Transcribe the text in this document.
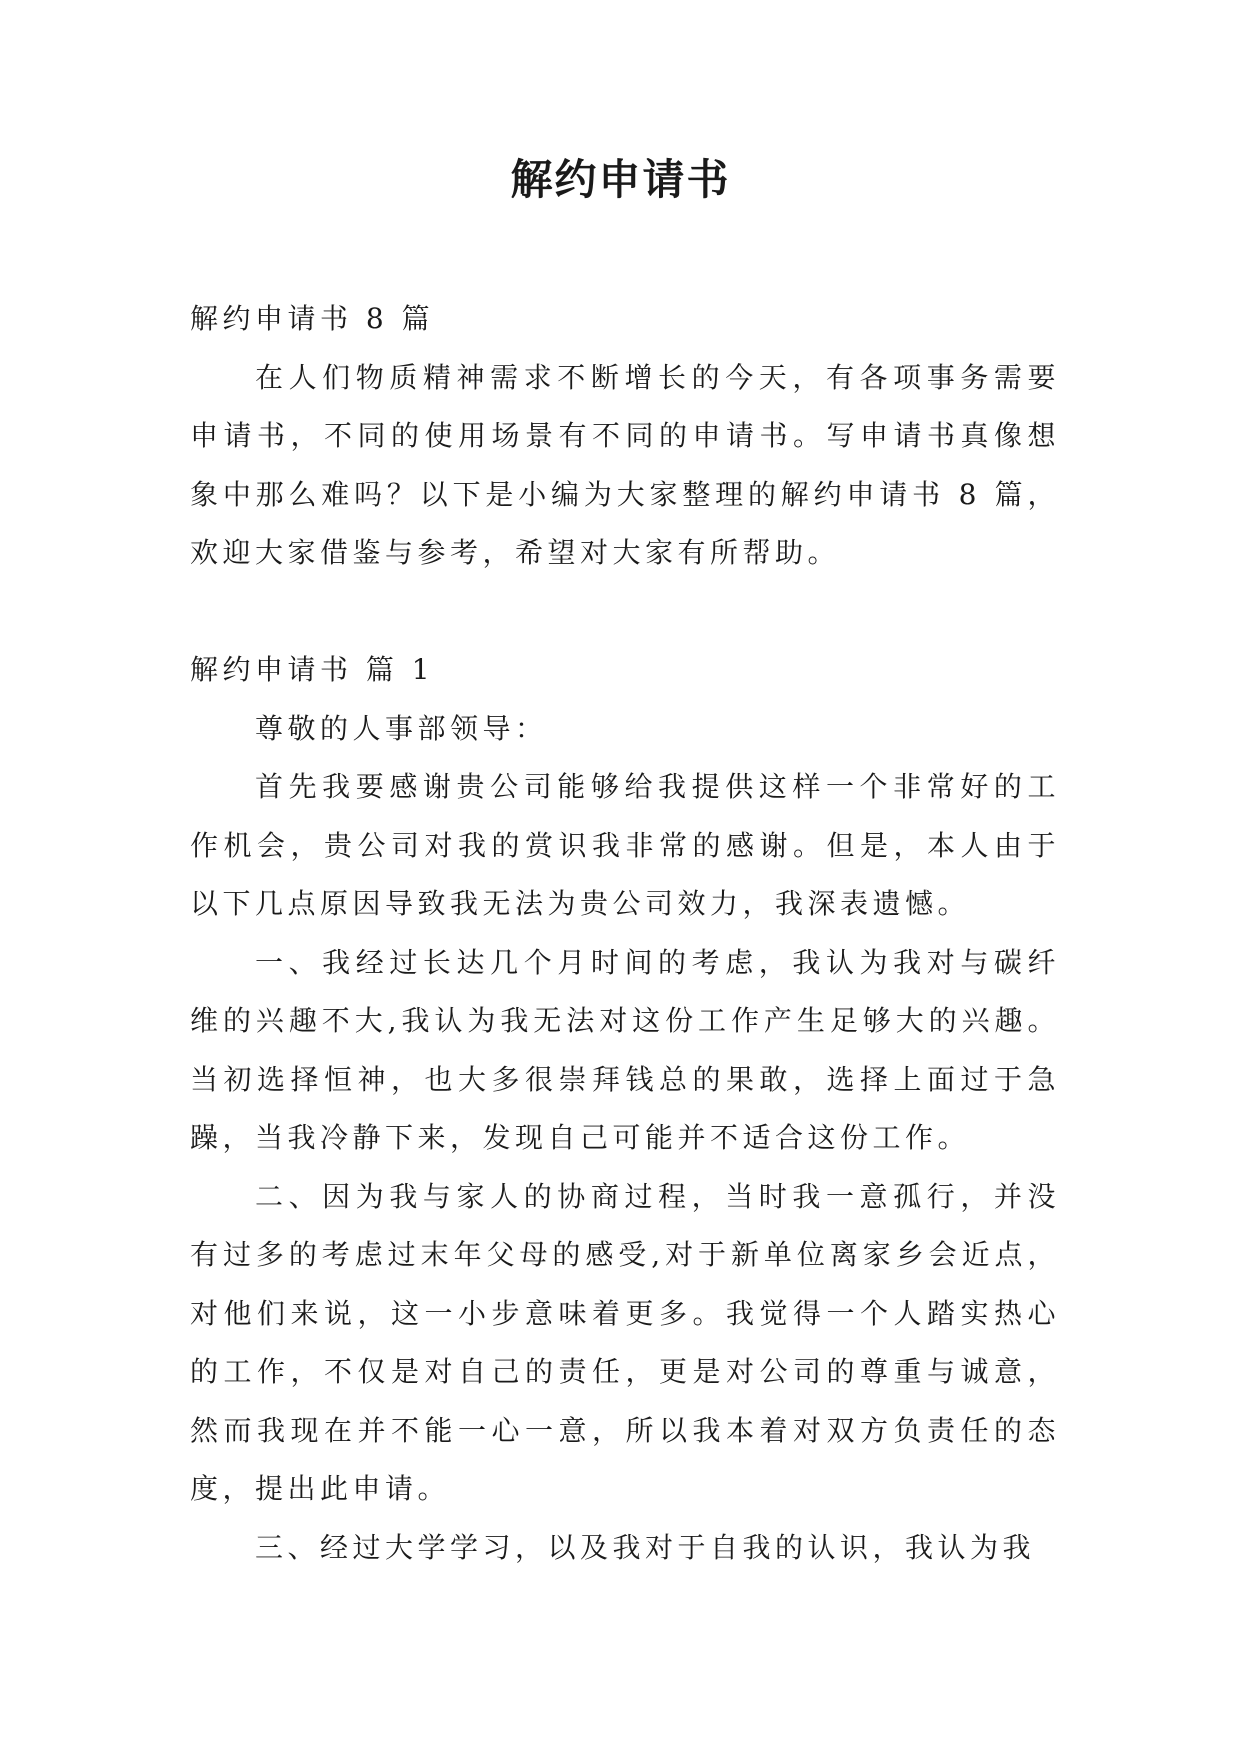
解约申请书

解约申请书 8 篇

在人们物质精神需求不断增长的今天，有各项事务需要申请书，不同的使用场景有不同的申请书。写申请书真像想象中那么难吗？以下是小编为大家整理的解约申请书 8 篇，欢迎大家借鉴与参考，希望对大家有所帮助。

解约申请书 篇 1

尊敬的人事部领导：

首先我要感谢贵公司能够给我提供这样一个非常好的工作机会，贵公司对我的赏识我非常的感谢。但是，本人由于以下几点原因导致我无法为贵公司效力，我深表遗憾。

一、我经过长达几个月时间的考虑，我认为我对与碳纤维的兴趣不大,我认为我无法对这份工作产生足够大的兴趣。当初选择恒神，也大多很崇拜钱总的果敢，选择上面过于急躁，当我冷静下来，发现自己可能并不适合这份工作。

二、因为我与家人的协商过程，当时我一意孤行，并没有过多的考虑过末年父母的感受,对于新单位离家乡会近点，对他们来说，这一小步意味着更多。我觉得一个人踏实热心的工作，不仅是对自己的责任，更是对公司的尊重与诚意，然而我现在并不能一心一意，所以我本着对双方负责任的态度，提出此申请。

三、经过大学学习，以及我对于自我的认识，我认为我
